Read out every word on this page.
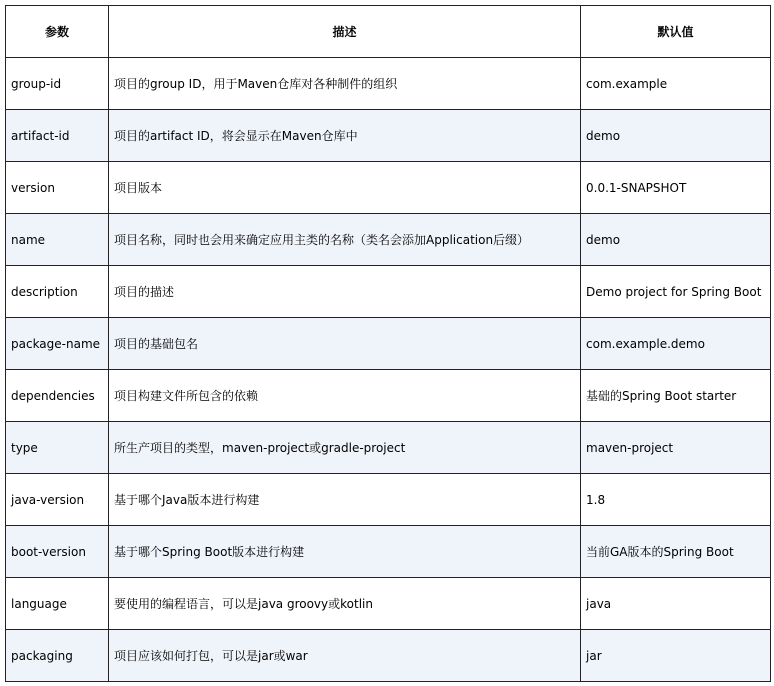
参数	描述	默认值
group-id	项目的group ID，用于Maven仓库对各种制件的组织	com.example
artifact-id	项目的artifact ID，将会显示在Maven仓库中	demo
version	项目版本	0.0.1-SNAPSHOT
name	项目名称，同时也会用来确定应用主类的名称（类名会添加Application后缀）	demo
description	项目的描述	Demo project for Spring Boot
package-name	项目的基础包名	com.example.demo
dependencies	项目构建文件所包含的依赖	基础的Spring Boot starter
type	所生产项目的类型，maven-project或gradle-project	maven-project
java-version	基于哪个Java版本进行构建	1.8
boot-version	基于哪个Spring Boot版本进行构建	当前GA版本的Spring Boot
language	要使用的编程语言，可以是java groovy或kotlin	java
packaging	项目应该如何打包，可以是jar或war	jar
